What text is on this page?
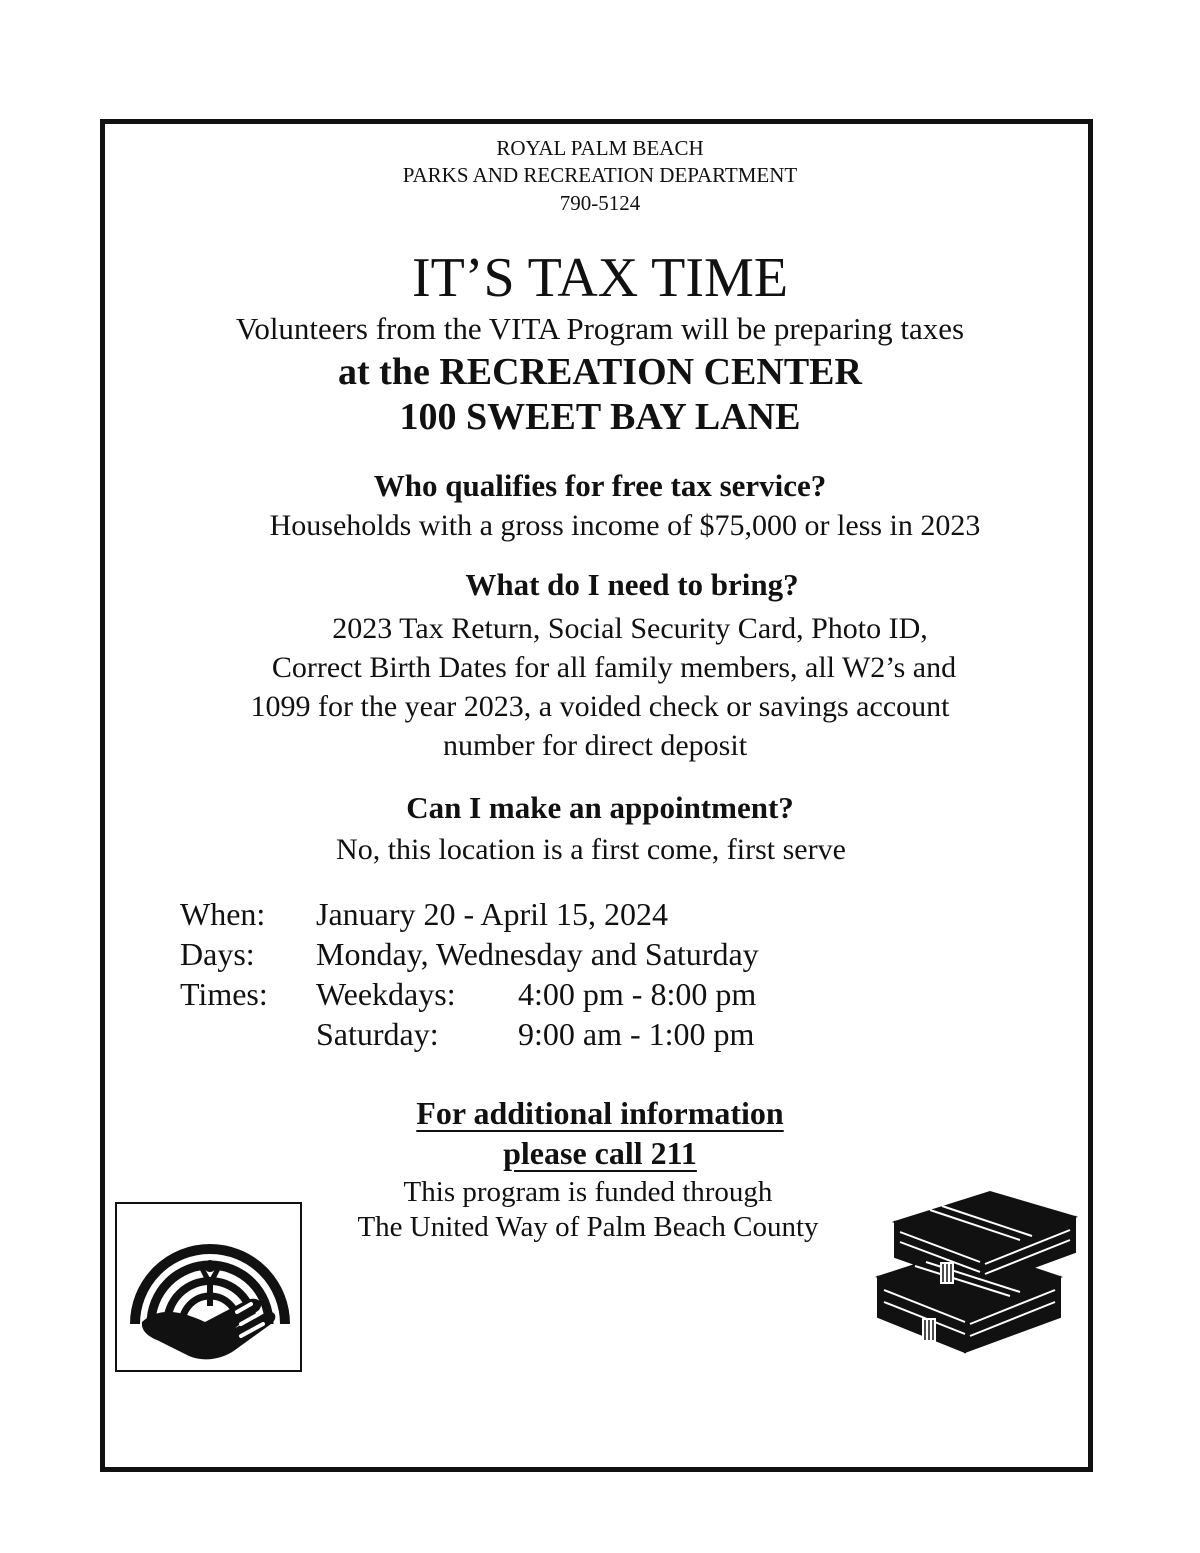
ROYAL PALM BEACH
PARKS AND RECREATION DEPARTMENT
790-5124
IT’S TAX TIME
Volunteers from the VITA Program will be preparing taxes
at the RECREATION CENTER
100 SWEET BAY LANE
Who qualifies for free tax service?
Households with a gross income of $75,000 or less in 2023
What do I need to bring?
2023 Tax Return, Social Security Card, Photo ID,
Correct Birth Dates for all family members, all W2’s and
1099 for the year 2023, a voided check or savings account
number for direct deposit
Can I make an appointment?
No, this location is a first come, first serve
When: January 20 - April 15, 2024
Days: Monday, Wednesday and Saturday
Times: Weekdays: 4:00 pm - 8:00 pm
Saturday: 9:00 am - 1:00 pm
For additional information
please call 211
This program is funded through
The United Way of Palm Beach County
